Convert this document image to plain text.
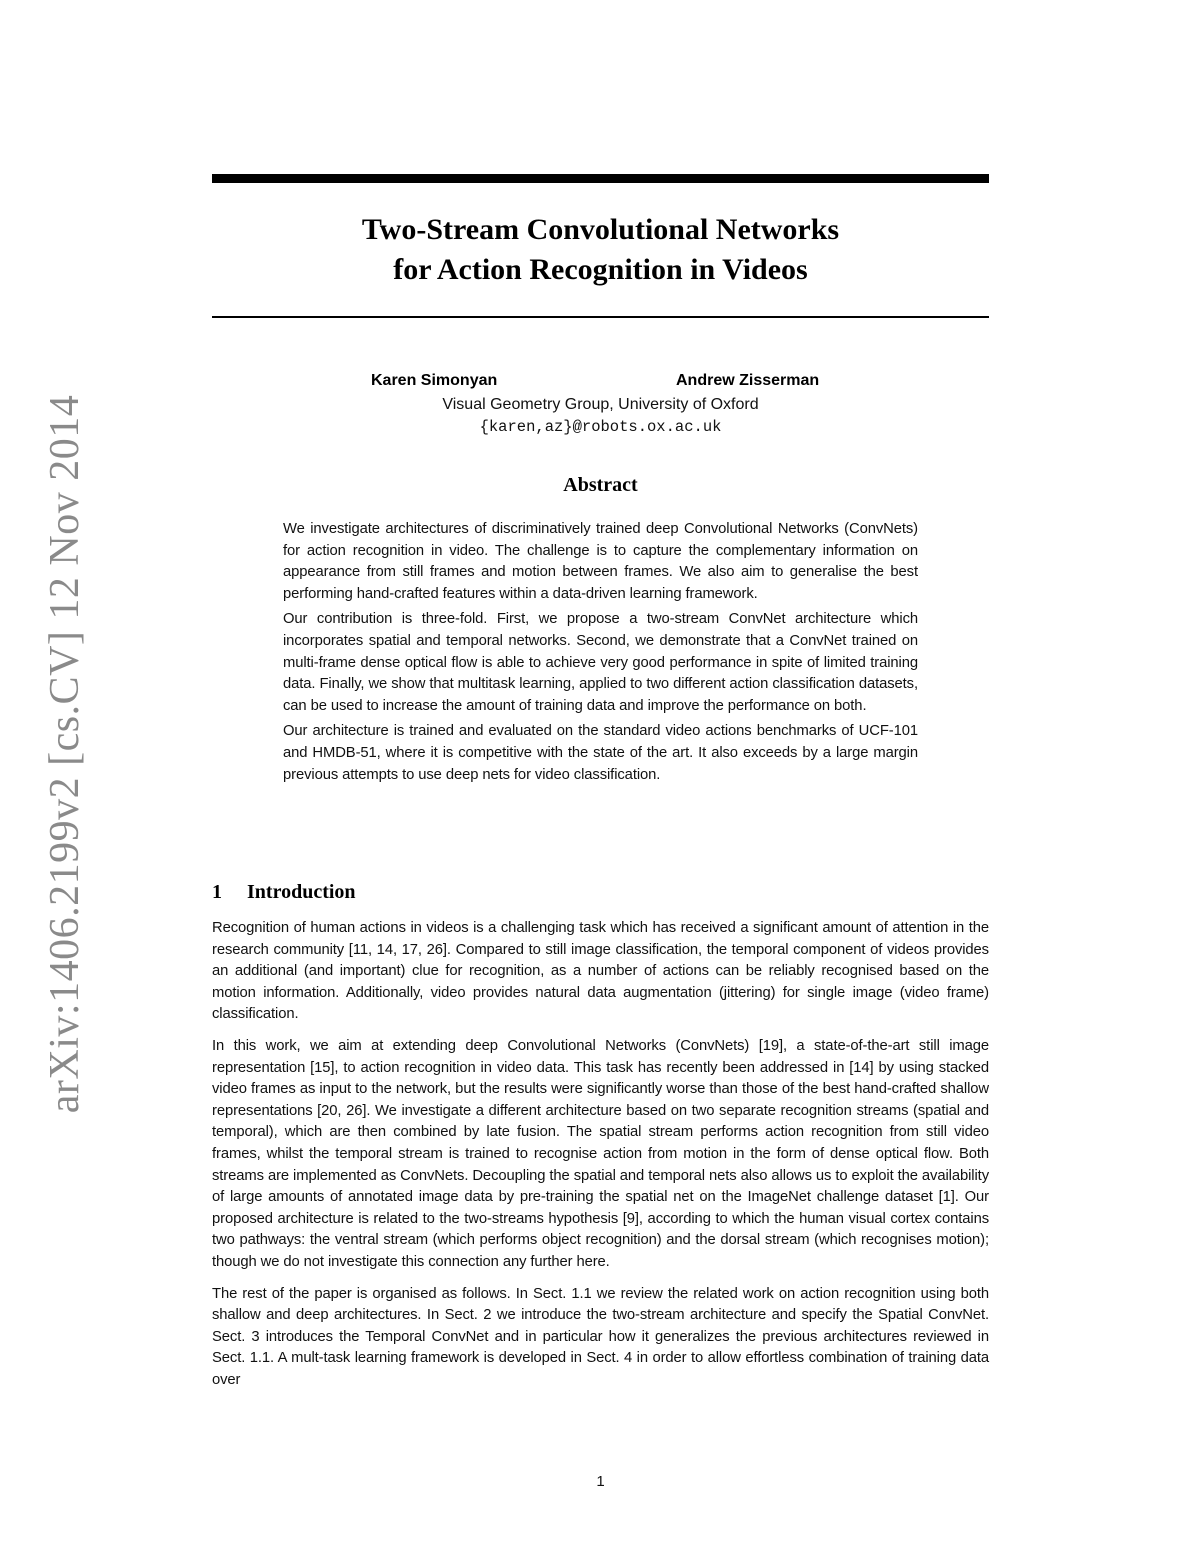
arXiv:1406.2199v2 [cs.CV] 12 Nov 2014
Two-Stream Convolutional Networks
for Action Recognition in Videos
Karen Simonyan	Andrew Zisserman
Visual Geometry Group, University of Oxford
{karen,az}@robots.ox.ac.uk
Abstract

We investigate architectures of discriminatively trained deep Convolutional Networks (ConvNets) for action recognition in video. The challenge is to capture the complementary information on appearance from still frames and motion between frames. We also aim to generalise the best performing hand-crafted features within a data-driven learning framework.

Our contribution is three-fold. First, we propose a two-stream ConvNet architecture which incorporates spatial and temporal networks. Second, we demonstrate that a ConvNet trained on multi-frame dense optical flow is able to achieve very good performance in spite of limited training data. Finally, we show that multitask learning, applied to two different action classification datasets, can be used to increase the amount of training data and improve the performance on both.

Our architecture is trained and evaluated on the standard video actions benchmarks of UCF-101 and HMDB-51, where it is competitive with the state of the art. It also exceeds by a large margin previous attempts to use deep nets for video classification.

1 Introduction

Recognition of human actions in videos is a challenging task which has received a significant amount of attention in the research community [11, 14, 17, 26]. Compared to still image classification, the temporal component of videos provides an additional (and important) clue for recognition, as a number of actions can be reliably recognised based on the motion information. Additionally, video provides natural data augmentation (jittering) for single image (video frame) classification.

In this work, we aim at extending deep Convolutional Networks (ConvNets) [19], a state-of-the-art still image representation [15], to action recognition in video data. This task has recently been addressed in [14] by using stacked video frames as input to the network, but the results were significantly worse than those of the best hand-crafted shallow representations [20, 26]. We investigate a different architecture based on two separate recognition streams (spatial and temporal), which are then combined by late fusion. The spatial stream performs action recognition from still video frames, whilst the temporal stream is trained to recognise action from motion in the form of dense optical flow. Both streams are implemented as ConvNets. Decoupling the spatial and temporal nets also allows us to exploit the availability of large amounts of annotated image data by pre-training the spatial net on the ImageNet challenge dataset [1]. Our proposed architecture is related to the two-streams hypothesis [9], according to which the human visual cortex contains two pathways: the ventral stream (which performs object recognition) and the dorsal stream (which recognises motion); though we do not investigate this connection any further here.

The rest of the paper is organised as follows. In Sect. 1.1 we review the related work on action recognition using both shallow and deep architectures. In Sect. 2 we introduce the two-stream architecture and specify the Spatial ConvNet. Sect. 3 introduces the Temporal ConvNet and in particular how it generalizes the previous architectures reviewed in Sect. 1.1. A mult-task learning framework is developed in Sect. 4 in order to allow effortless combination of training data over

1
